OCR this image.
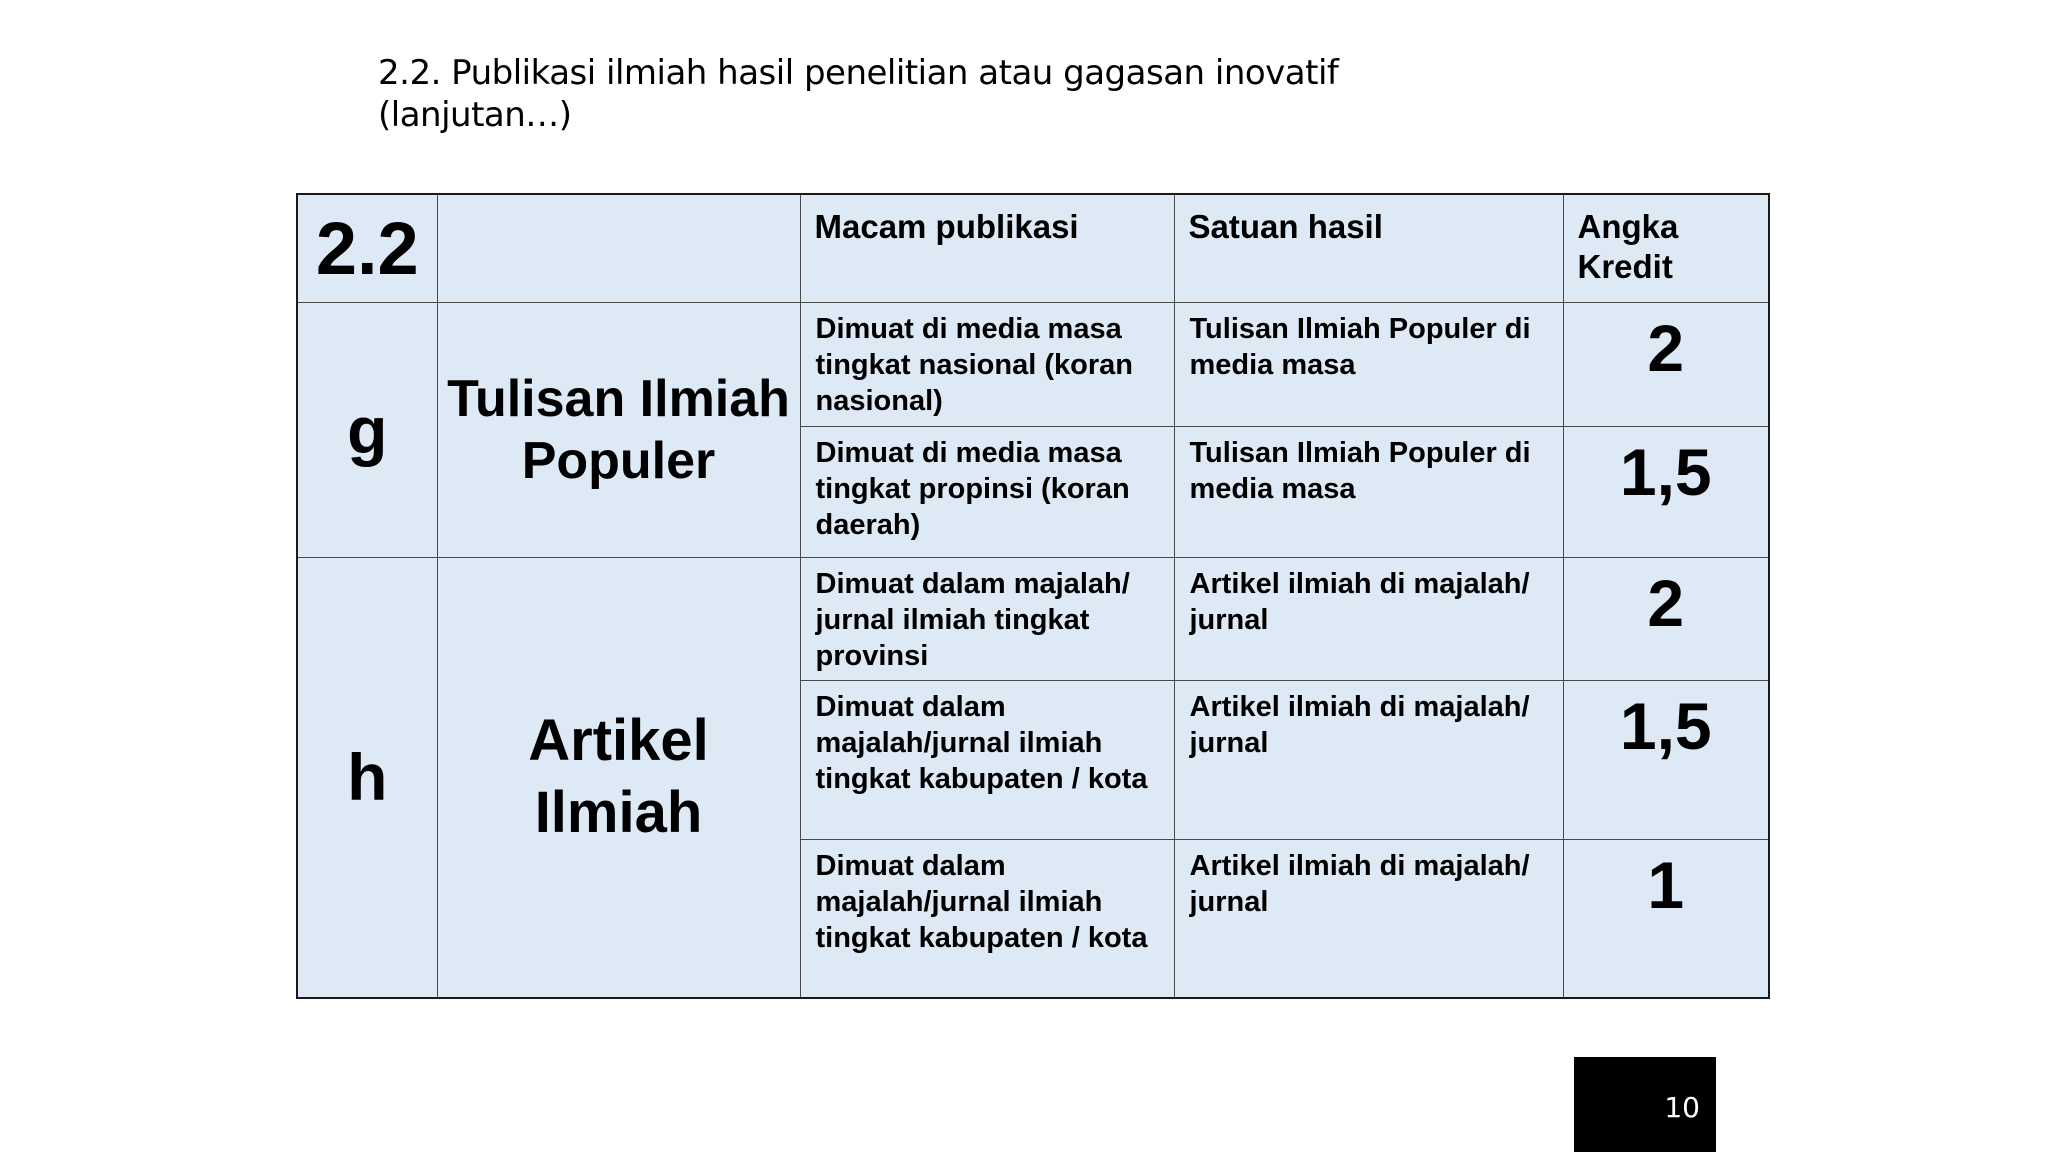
2.2. Publikasi ilmiah hasil penelitian atau gagasan inovatif
(lanjutan…)
2.2		Macam publikasi	Satuan hasil	Angka Kredit
g	Tulisan Ilmiah Populer	Dimuat di media masa tingkat nasional (koran nasional)	Tulisan Ilmiah Populer di media masa	2
		Dimuat di media masa tingkat propinsi (koran daerah)	Tulisan Ilmiah Populer di media masa	1,5
h	Artikel Ilmiah	Dimuat dalam majalah/ jurnal ilmiah tingkat provinsi	Artikel ilmiah di majalah/ jurnal	2
		Dimuat dalam majalah/jurnal ilmiah tingkat kabupaten / kota	Artikel ilmiah di majalah/ jurnal	1,5
		Dimuat dalam majalah/jurnal ilmiah tingkat kabupaten / kota	Artikel ilmiah di majalah/ jurnal	1
10
